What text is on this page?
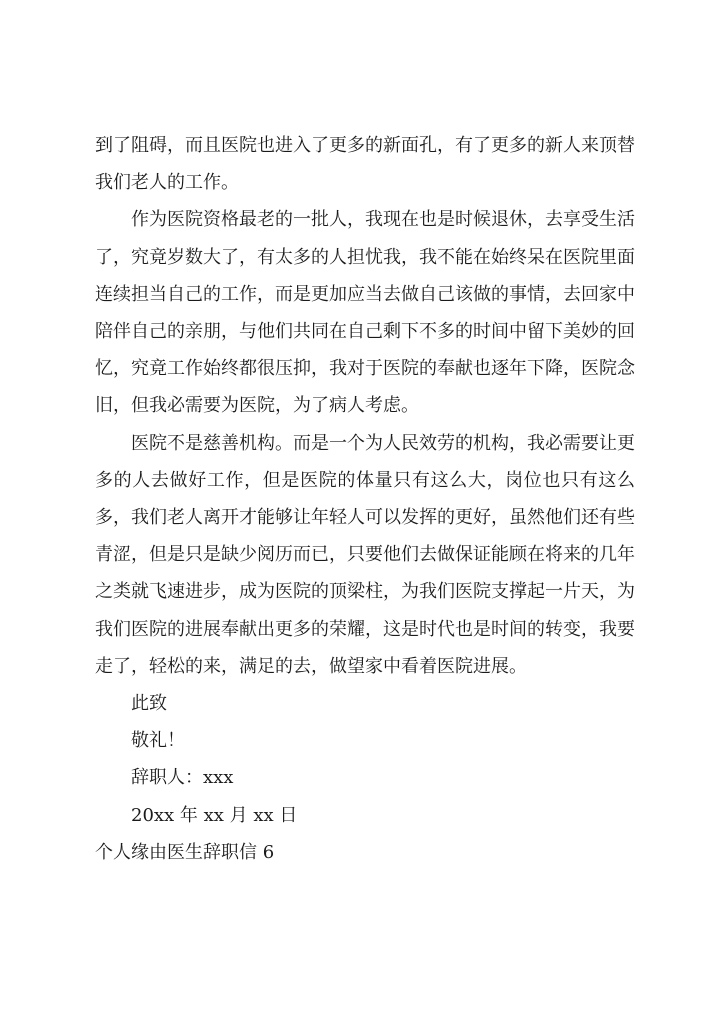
到了阻碍，而且医院也进入了更多的新面孔，有了更多的新人来顶替我们老人的工作。

作为医院资格最老的一批人，我现在也是时候退休，去享受生活了，究竟岁数大了，有太多的人担忧我，我不能在始终呆在医院里面连续担当自己的工作，而是更加应当去做自己该做的事情，去回家中陪伴自己的亲朋，与他们共同在自己剩下不多的时间中留下美妙的回忆，究竟工作始终都很压抑，我对于医院的奉献也逐年下降，医院念旧，但我必需要为医院，为了病人考虑。

医院不是慈善机构。而是一个为人民效劳的机构，我必需要让更多的人去做好工作，但是医院的体量只有这么大，岗位也只有这么多，我们老人离开才能够让年轻人可以发挥的更好，虽然他们还有些青涩，但是只是缺少阅历而已，只要他们去做保证能顾在将来的几年之类就飞速进步，成为医院的顶梁柱，为我们医院支撑起一片天，为我们医院的进展奉献出更多的荣耀，这是时代也是时间的转变，我要走了，轻松的来，满足的去，做望家中看着医院进展。

此致

敬礼！

辞职人：xxx

20xx 年 xx 月 xx 日

个人缘由医生辞职信 6
